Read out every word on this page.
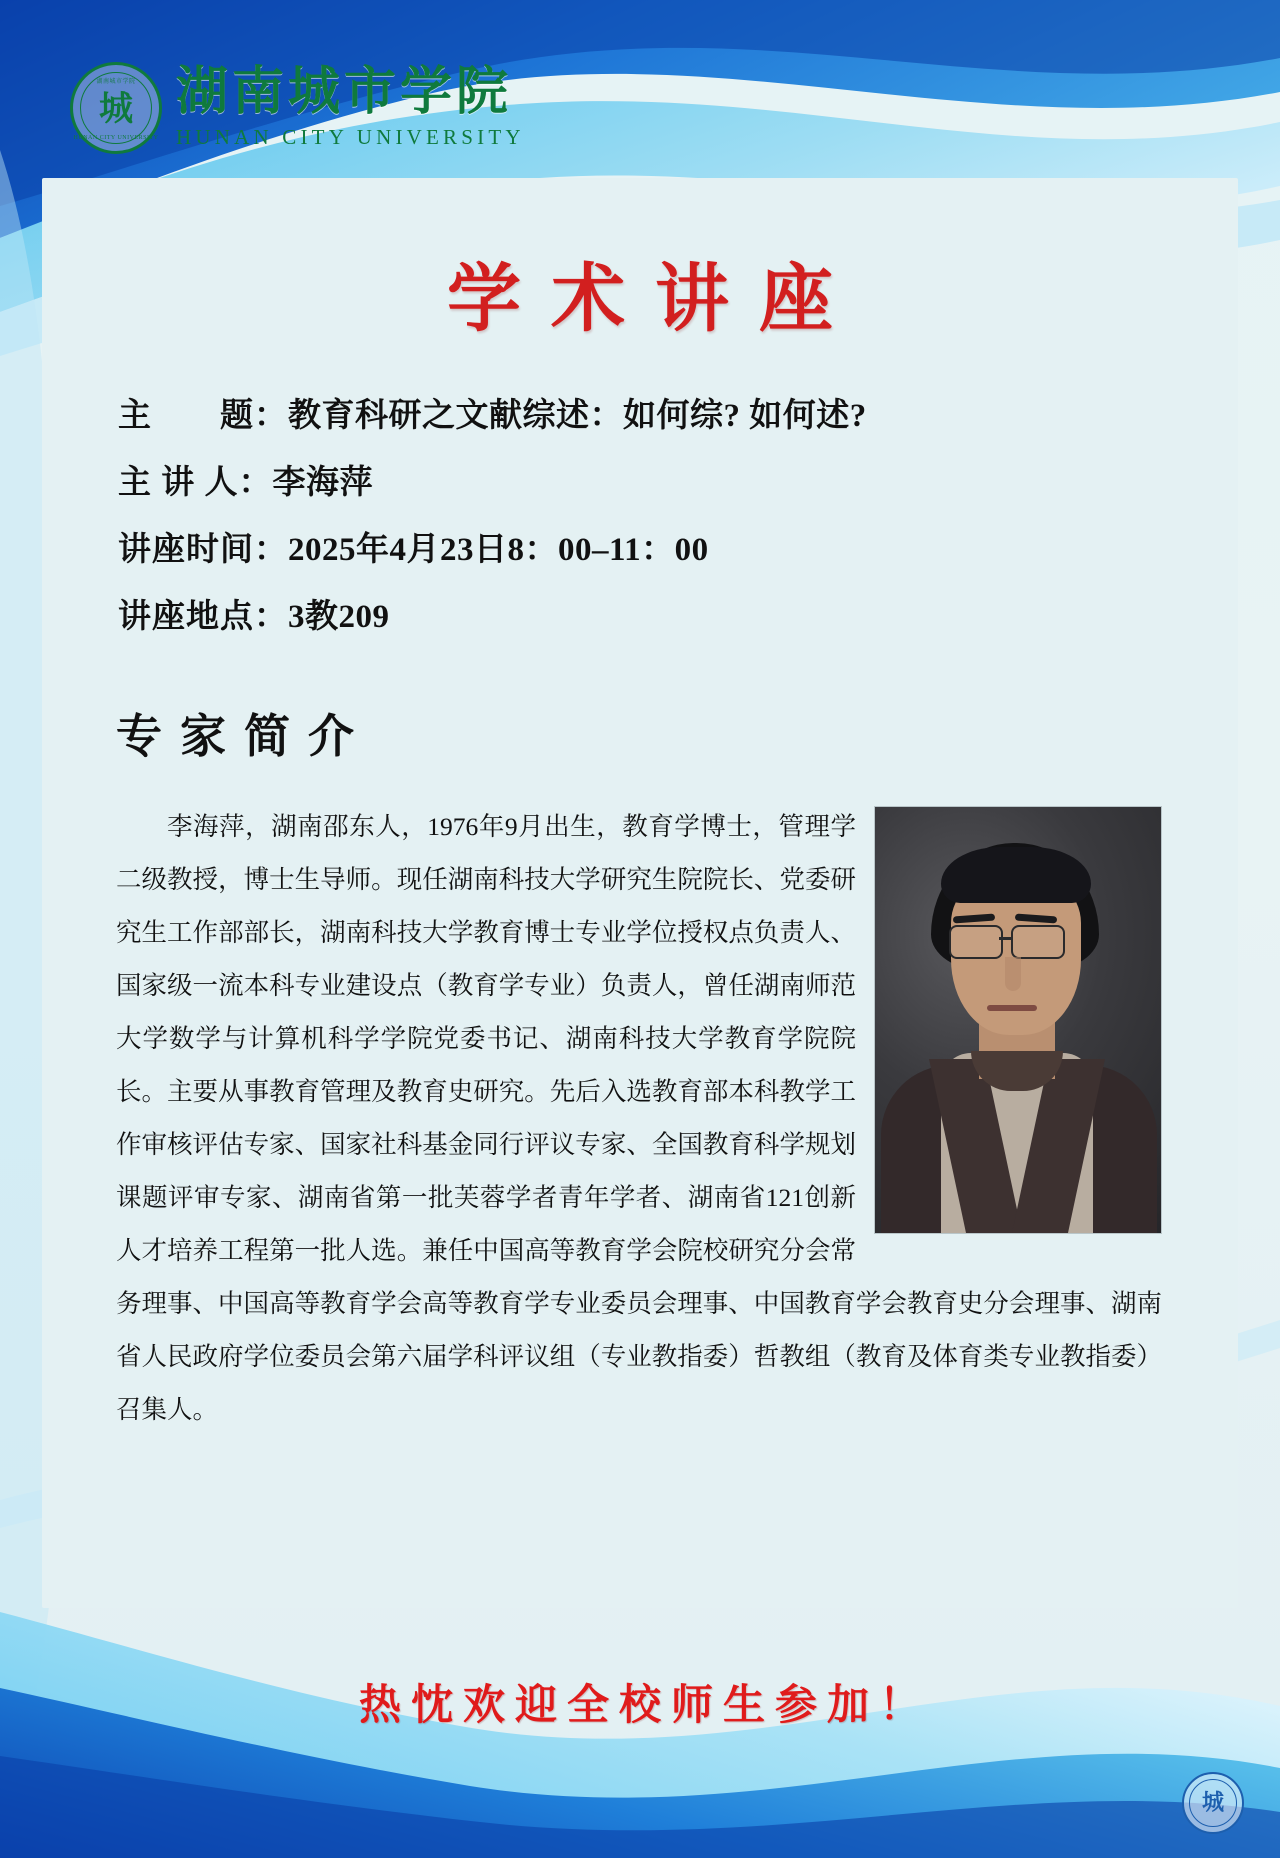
湖南城市学院
城
HUNAN CITY UNIVERSITY
湖南城市学院
HUNAN CITY UNIVERSITY
学术讲座
主　　题：教育科研之文献综述：如何综? 如何述?
主 讲 人：李海萍
讲座时间：2025年4月23日8：00–11：00
讲座地点：3教209
专家简介

李海萍，湖南邵东人，1976年9月出生，教育学博士，管理学二级教授，博士生导师。现任湖南科技大学研究生院院长、党委研究生工作部部长，湖南科技大学教育博士专业学位授权点负责人、国家级一流本科专业建设点（教育学专业）负责人，曾任湖南师范大学数学与计算机科学学院党委书记、湖南科技大学教育学院院长。主要从事教育管理及教育史研究。先后入选教育部本科教学工作审核评估专家、国家社科基金同行评议专家、全国教育科学规划课题评审专家、湖南省第一批芙蓉学者青年学者、湖南省121创新人才培养工程第一批人选。兼任中国高等教育学会院校研究分会常务理事、中国高等教育学会高等教育学专业委员会理事、中国教育学会教育史分会理事、湖南省人民政府学位委员会第六届学科评议组（专业教指委）哲教组（教育及体育类专业教指委）召集人。

热忱欢迎全校师生参加！
城
